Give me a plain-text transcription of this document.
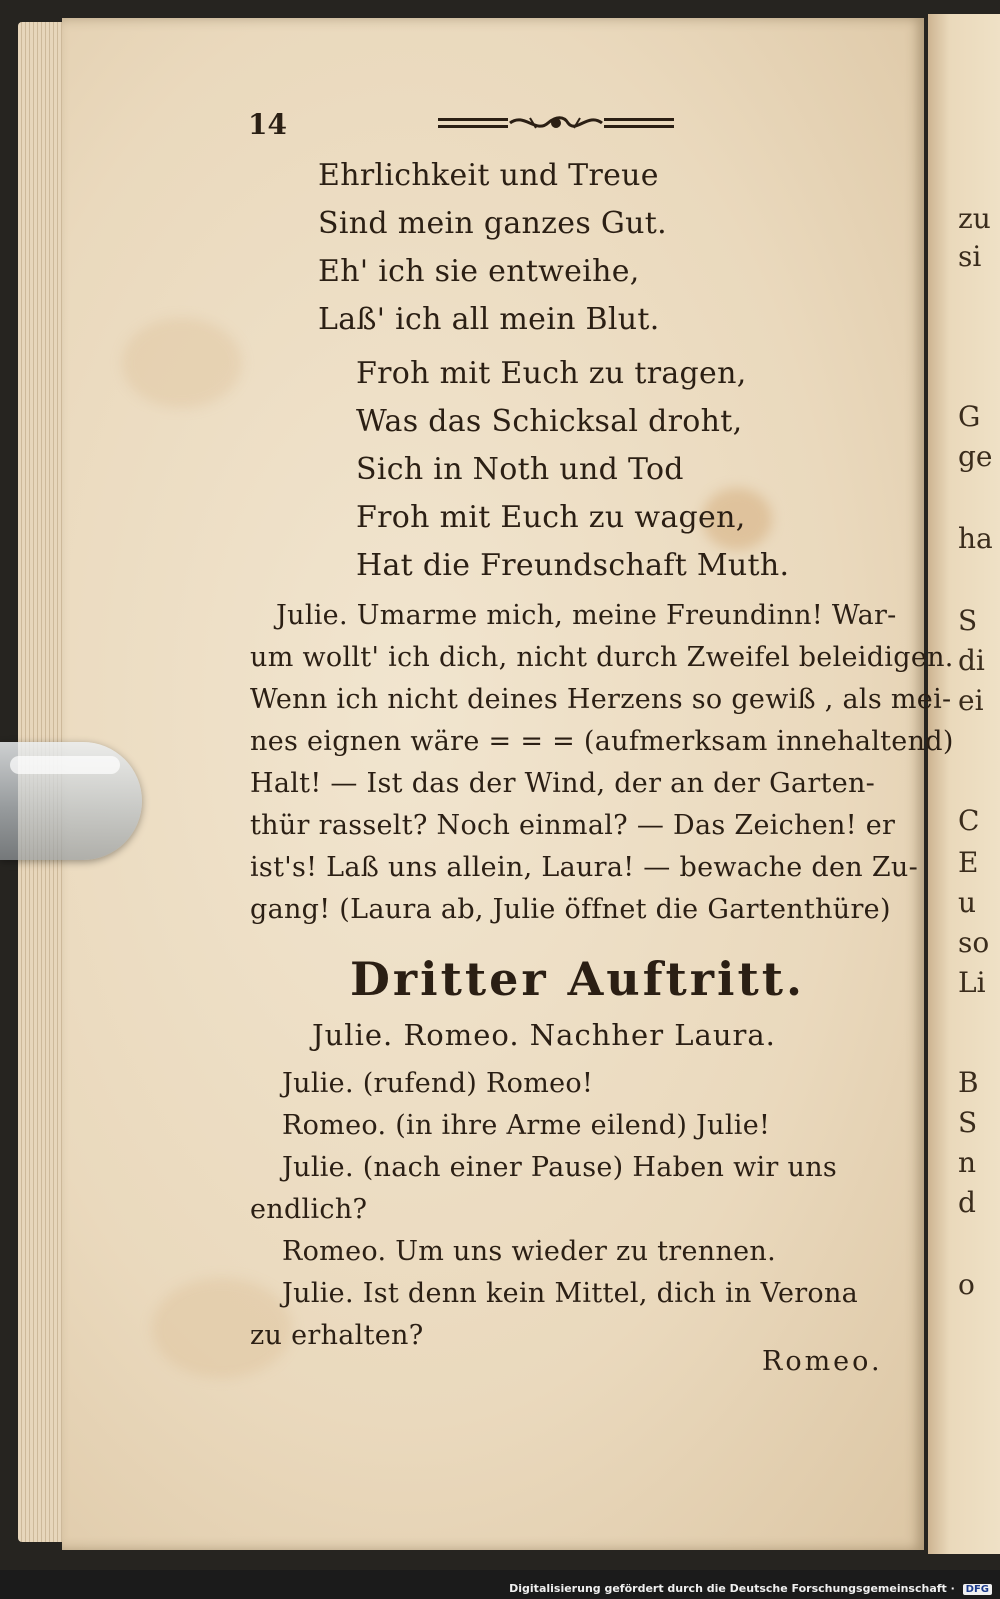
zu
si
G
ge
ha
S
di
ei
C
E
u
so
Li
B
S
n
d
o
14
Ehrlichkeit und Treue
Sind mein ganzes Gut.
Eh' ich sie entweihe,
Laß' ich all mein Blut.
Froh mit Euch zu tragen,
Was das Schicksal droht,
Sich in Noth und Tod
Froh mit Euch zu wagen,
Hat die Freundschaft Muth.
Julie. Umarme mich, meine Freundinn! War-
um wollt' ich dich, nicht durch Zweifel beleidigen.
Wenn ich nicht deines Herzens so gewiß , als mei-
nes eignen wäre = = = (aufmerksam innehaltend)
Halt! — Ist das der Wind, der an der Garten-
thür rasselt? Noch einmal? — Das Zeichen! er
ist's! Laß uns allein, Laura! — bewache den Zu-
gang! (Laura ab, Julie öffnet die Gartenthüre)
Dritter Auftritt.
Julie. Romeo. Nachher Laura.
Julie. (rufend) Romeo!
Romeo. (in ihre Arme eilend) Julie!
Julie. (nach einer Pause) Haben wir uns
endlich?
Romeo. Um uns wieder zu trennen.
Julie. Ist denn kein Mittel, dich in Verona
zu erhalten?
Romeo.
Digitalisierung gefördert durch die Deutsche Forschungsgemeinschaft · DFG
